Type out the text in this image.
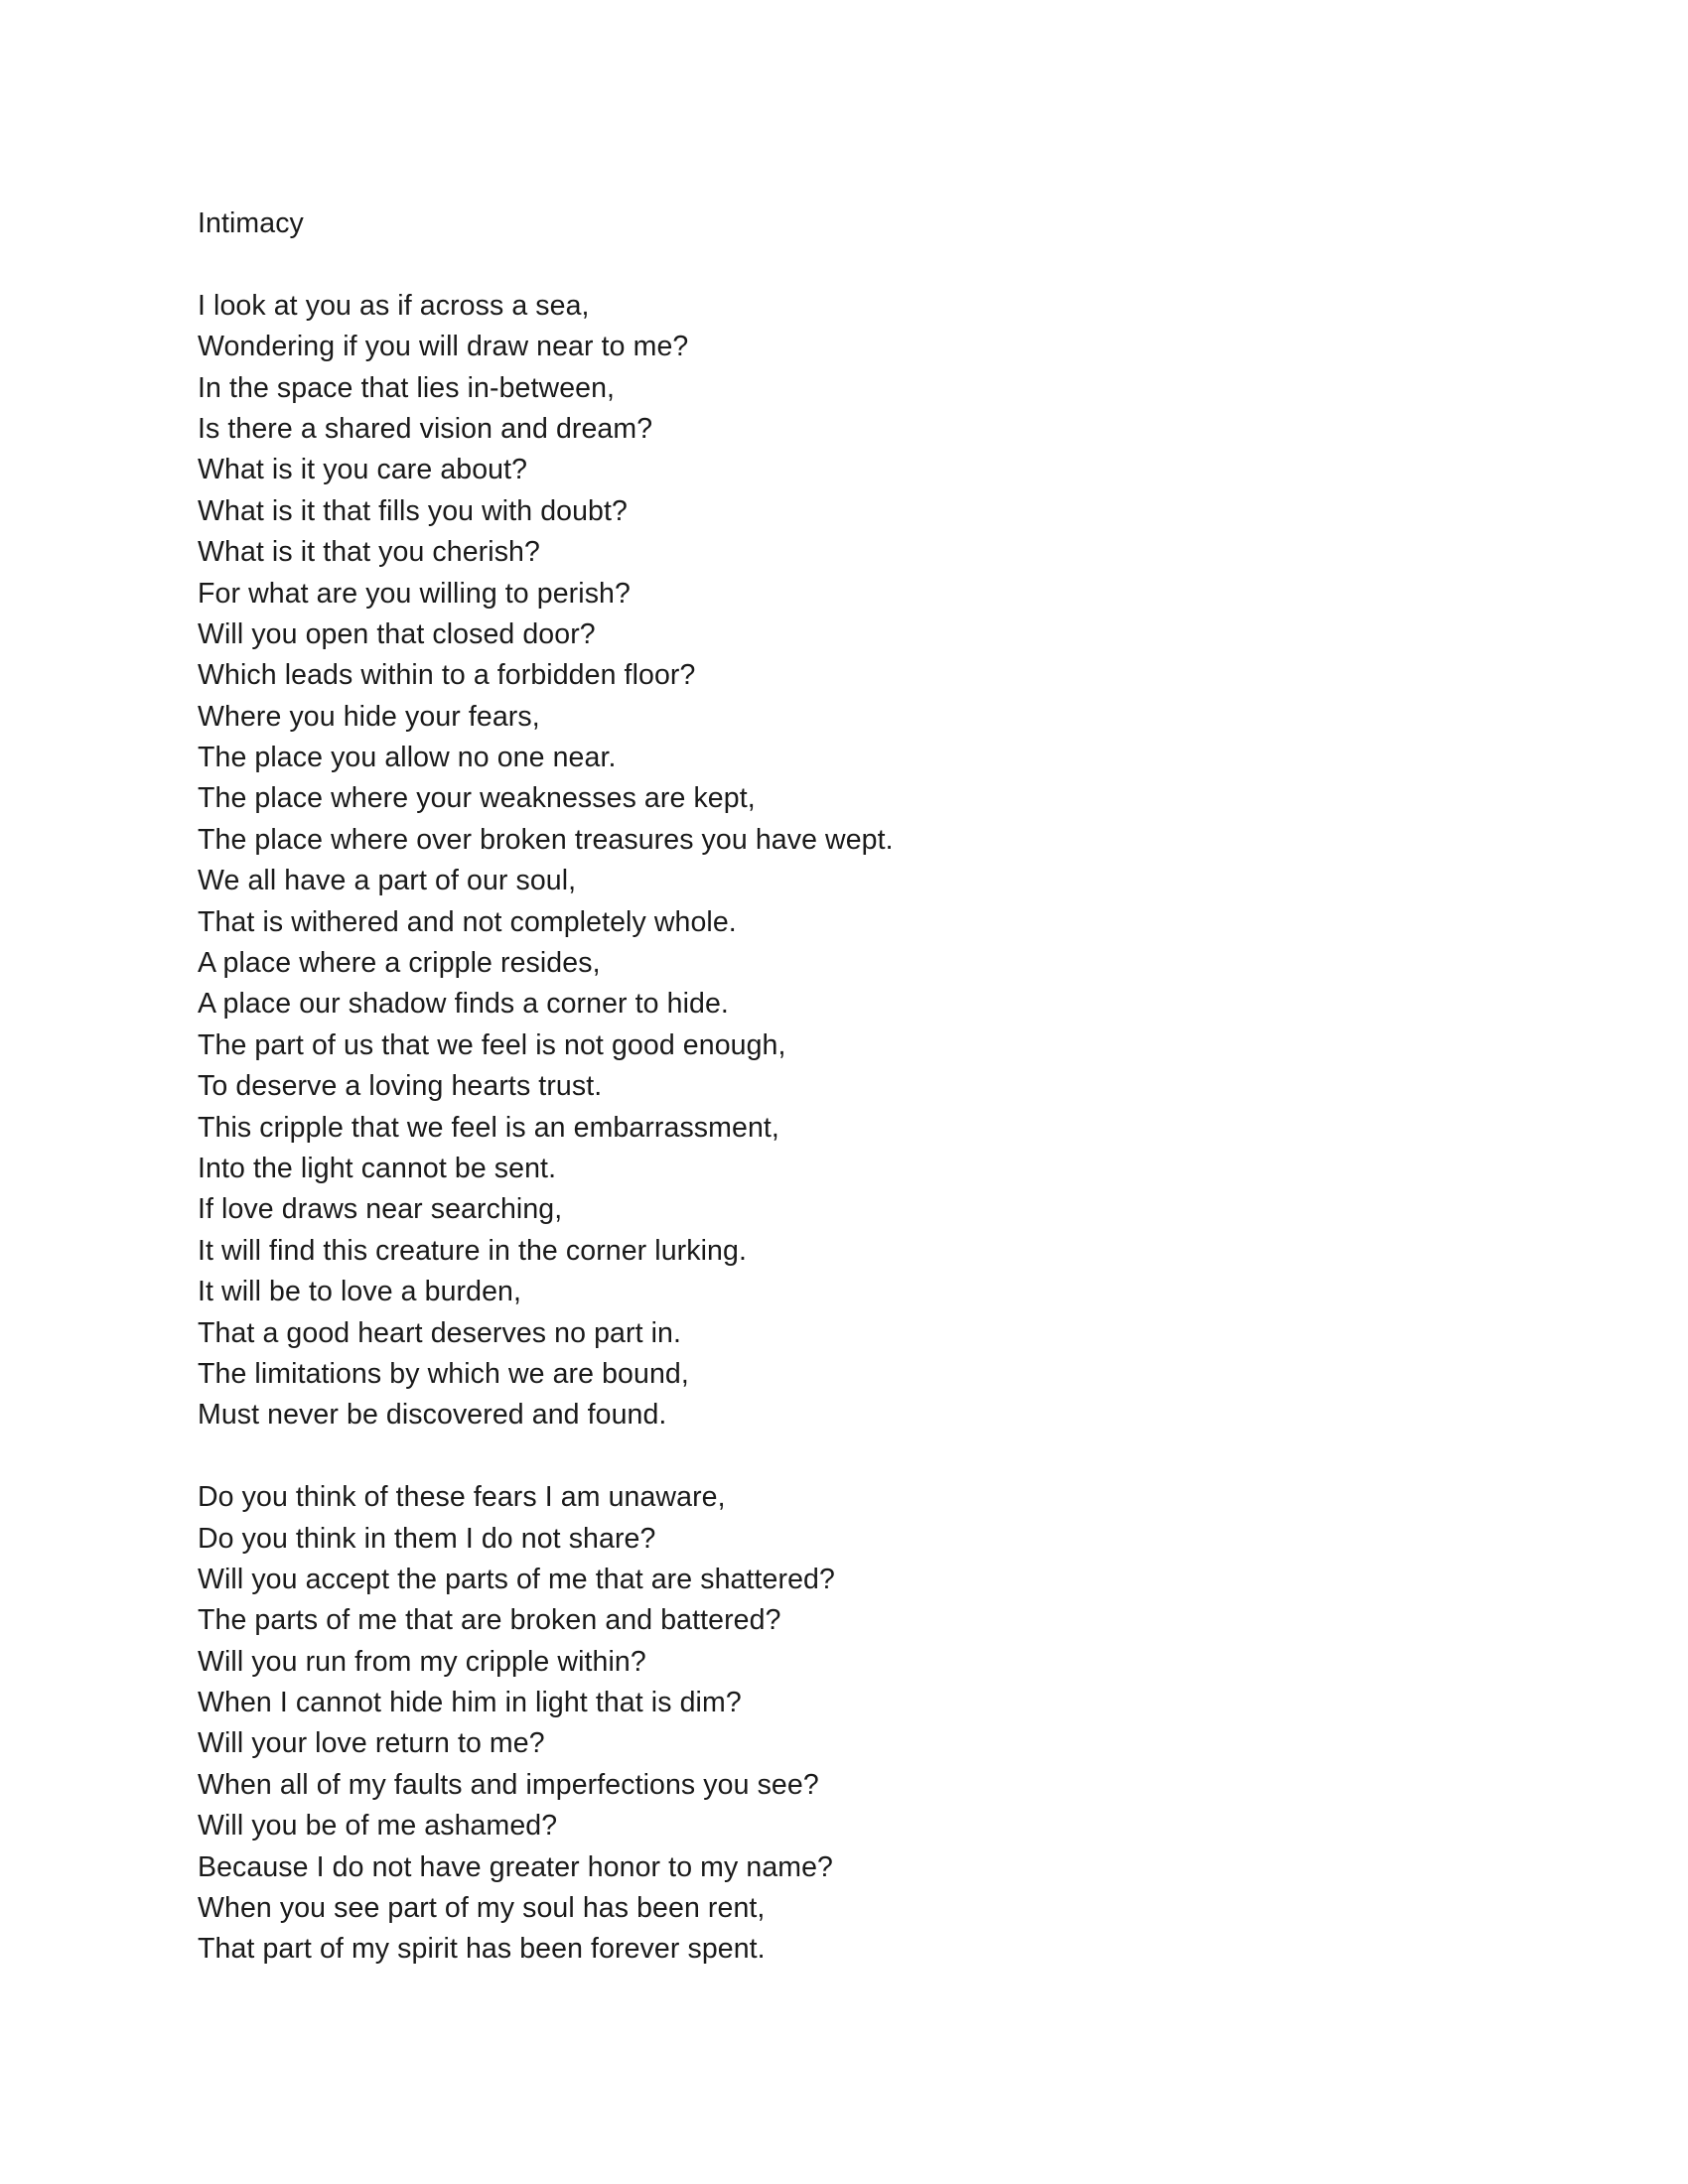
Intimacy
I look at you as if across a sea,
Wondering if you will draw near to me?
In the space that lies in-between,
Is there a shared vision and dream?
What is it you care about?
What is it that fills you with doubt?
What is it that you cherish?
For what are you willing to perish?
Will you open that closed door?
Which leads within to a forbidden floor?
Where you hide your fears,
The place you allow no one near.
The place where your weaknesses are kept,
The place where over broken treasures you have wept.
We all have a part of our soul,
That is withered and not completely whole.
A place where a cripple resides,
A place our shadow finds a corner to hide.
The part of us that we feel is not good enough,
To deserve a loving hearts trust.
This cripple that we feel is an embarrassment,
Into the light cannot be sent.
If love draws near searching,
It will find this creature in the corner lurking.
It will be to love a burden,
That a good heart deserves no part in.
The limitations by which we are bound,
Must never be discovered and found.
Do you think of these fears I am unaware,
Do you think in them I do not share?
Will you accept the parts of me that are shattered?
The parts of me that are broken and battered?
Will you run from my cripple within?
When I cannot hide him in light that is dim?
Will your love return to me?
When all of my faults and imperfections you see?
Will you be of me ashamed?
Because I do not have greater honor to my name?
When you see part of my soul has been rent,
That part of my spirit has been forever spent.
